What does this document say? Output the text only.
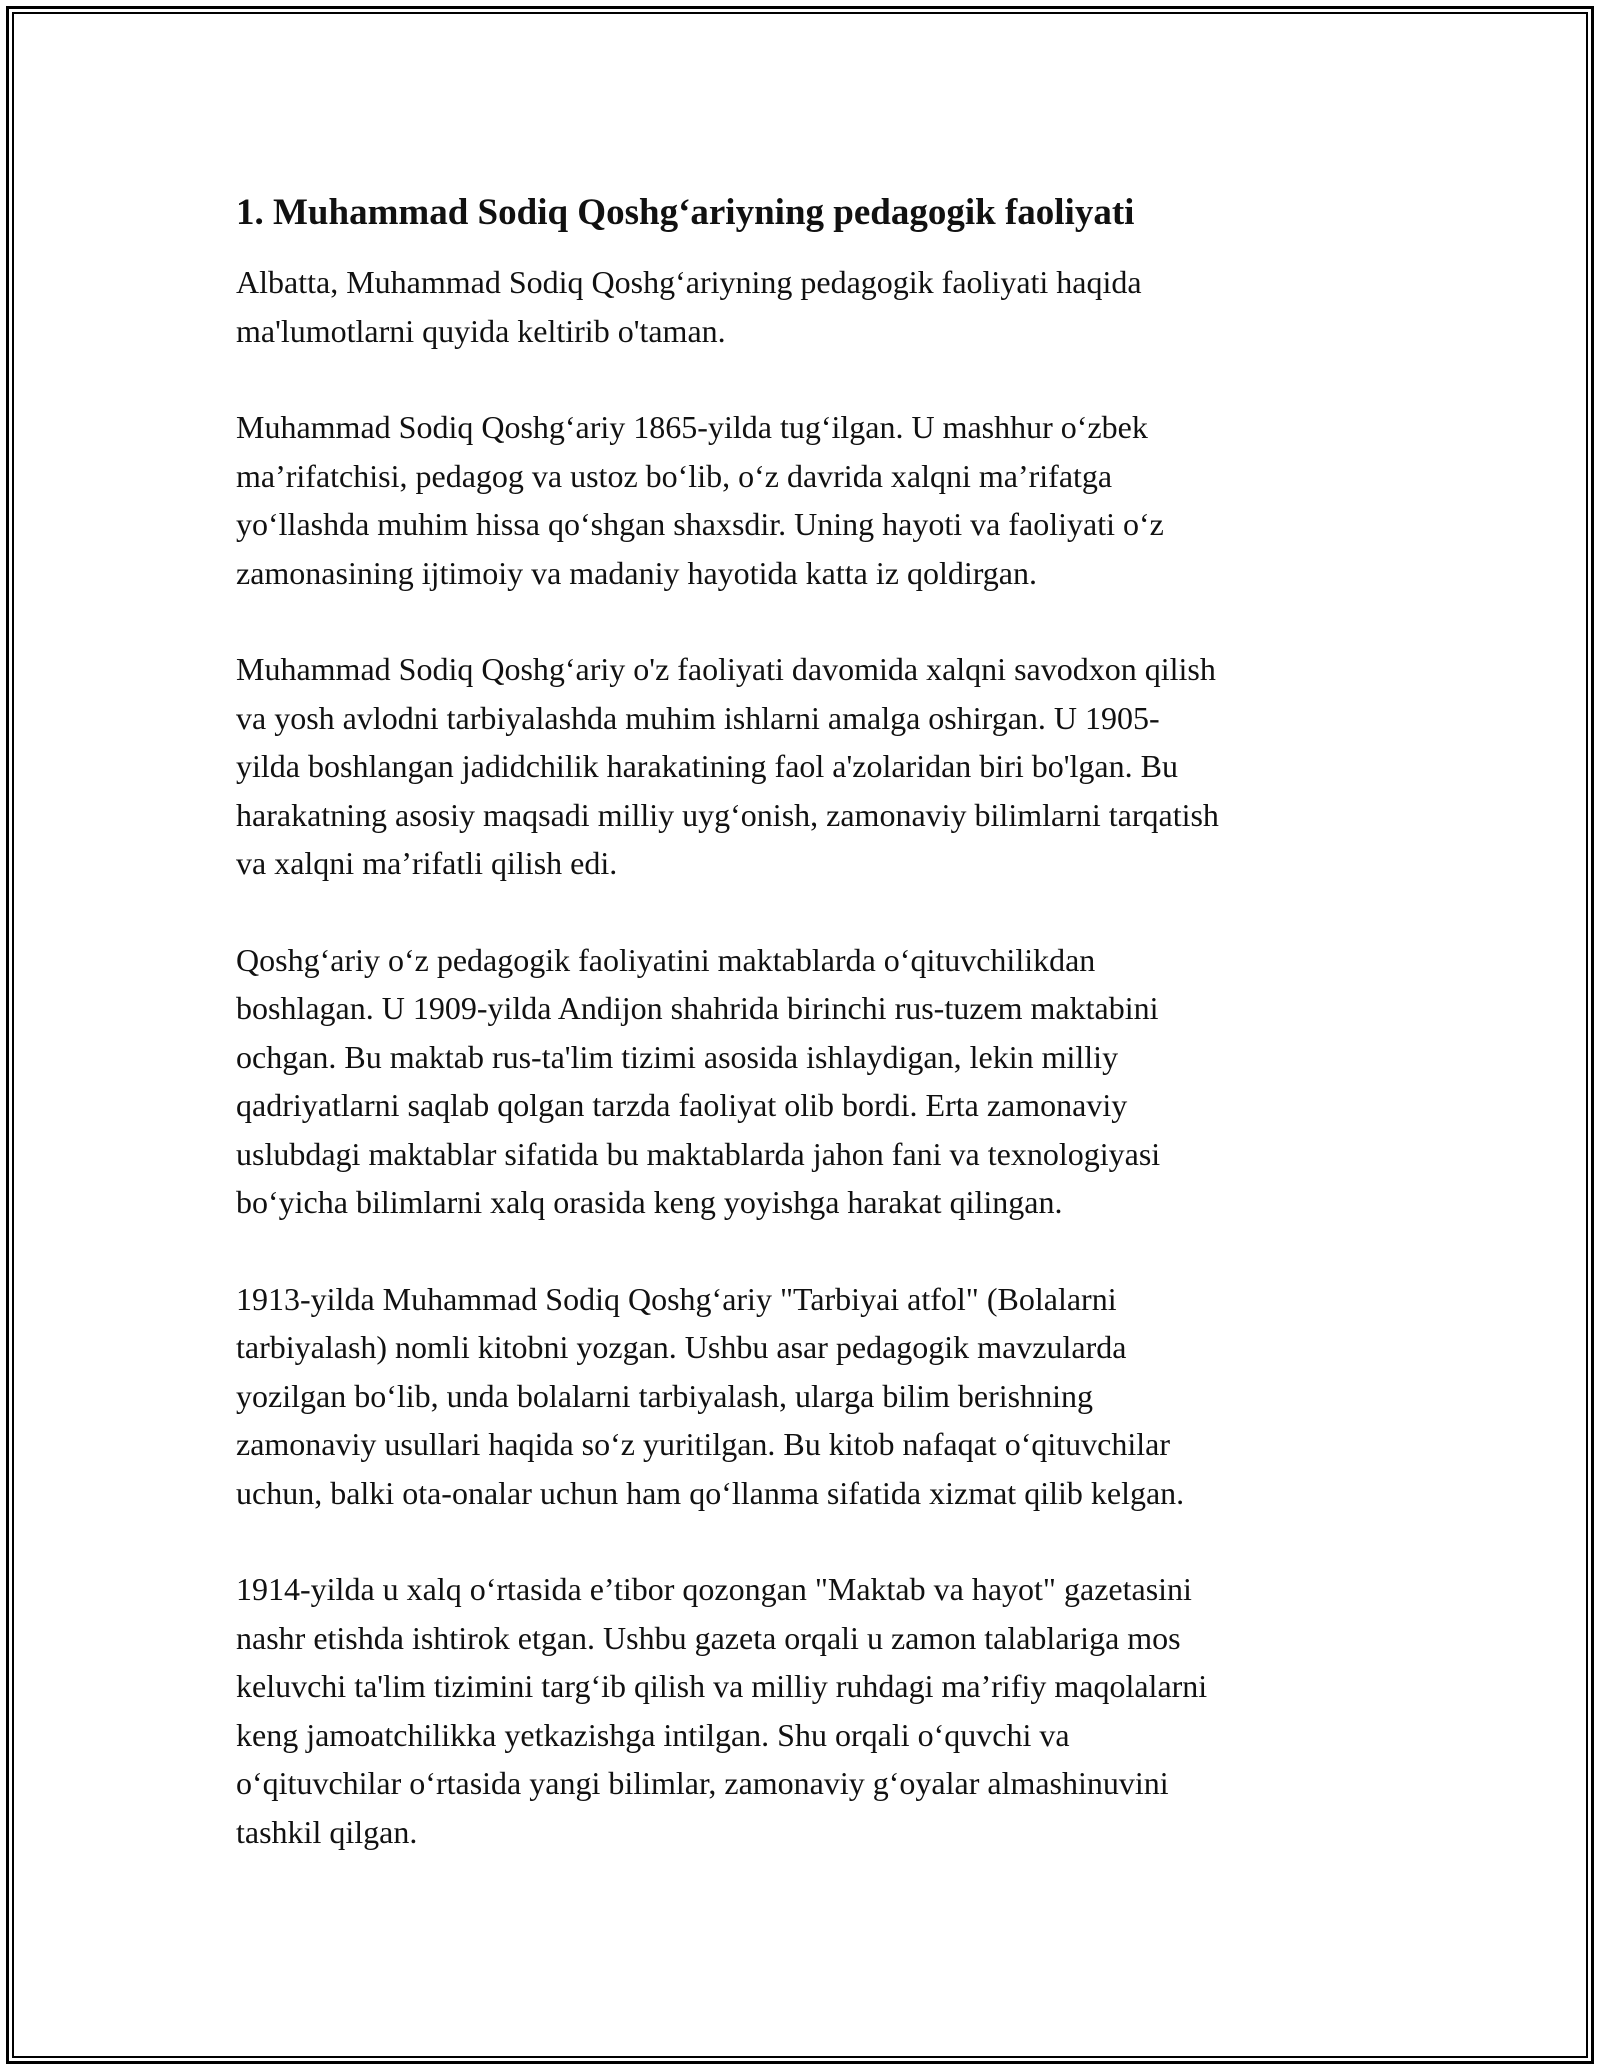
1. Muhammad Sodiq Qoshg‘ariyning pedagogik faoliyati

Albatta, Muhammad Sodiq Qoshg‘ariyning pedagogik faoliyati haqida
ma'lumotlarni quyida keltirib o'taman.

Muhammad Sodiq Qoshg‘ariy 1865-yilda tug‘ilgan. U mashhur o‘zbek
ma’rifatchisi, pedagog va ustoz bo‘lib, o‘z davrida xalqni ma’rifatga
yo‘llashda muhim hissa qo‘shgan shaxsdir. Uning hayoti va faoliyati o‘z
zamonasining ijtimoiy va madaniy hayotida katta iz qoldirgan.

Muhammad Sodiq Qoshg‘ariy o'z faoliyati davomida xalqni savodxon qilish
va yosh avlodni tarbiyalashda muhim ishlarni amalga oshirgan. U 1905-
yilda boshlangan jadidchilik harakatining faol a'zolaridan biri bo'lgan. Bu
harakatning asosiy maqsadi milliy uyg‘onish, zamonaviy bilimlarni tarqatish
va xalqni ma’rifatli qilish edi.

Qoshg‘ariy o‘z pedagogik faoliyatini maktablarda o‘qituvchilikdan
boshlagan. U 1909-yilda Andijon shahrida birinchi rus-tuzem maktabini
ochgan. Bu maktab rus-ta'lim tizimi asosida ishlaydigan, lekin milliy
qadriyatlarni saqlab qolgan tarzda faoliyat olib bordi. Erta zamonaviy
uslubdagi maktablar sifatida bu maktablarda jahon fani va texnologiyasi
bo‘yicha bilimlarni xalq orasida keng yoyishga harakat qilingan.

1913-yilda Muhammad Sodiq Qoshg‘ariy "Tarbiyai atfol" (Bolalarni
tarbiyalash) nomli kitobni yozgan. Ushbu asar pedagogik mavzularda
yozilgan bo‘lib, unda bolalarni tarbiyalash, ularga bilim berishning
zamonaviy usullari haqida so‘z yuritilgan. Bu kitob nafaqat o‘qituvchilar
uchun, balki ota-onalar uchun ham qo‘llanma sifatida xizmat qilib kelgan.

1914-yilda u xalq o‘rtasida e’tibor qozongan "Maktab va hayot" gazetasini
nashr etishda ishtirok etgan. Ushbu gazeta orqali u zamon talablariga mos
keluvchi ta'lim tizimini targ‘ib qilish va milliy ruhdagi ma’rifiy maqolalarni
keng jamoatchilikka yetkazishga intilgan. Shu orqali o‘quvchi va
o‘qituvchilar o‘rtasida yangi bilimlar, zamonaviy g‘oyalar almashinuvini
tashkil qilgan.
